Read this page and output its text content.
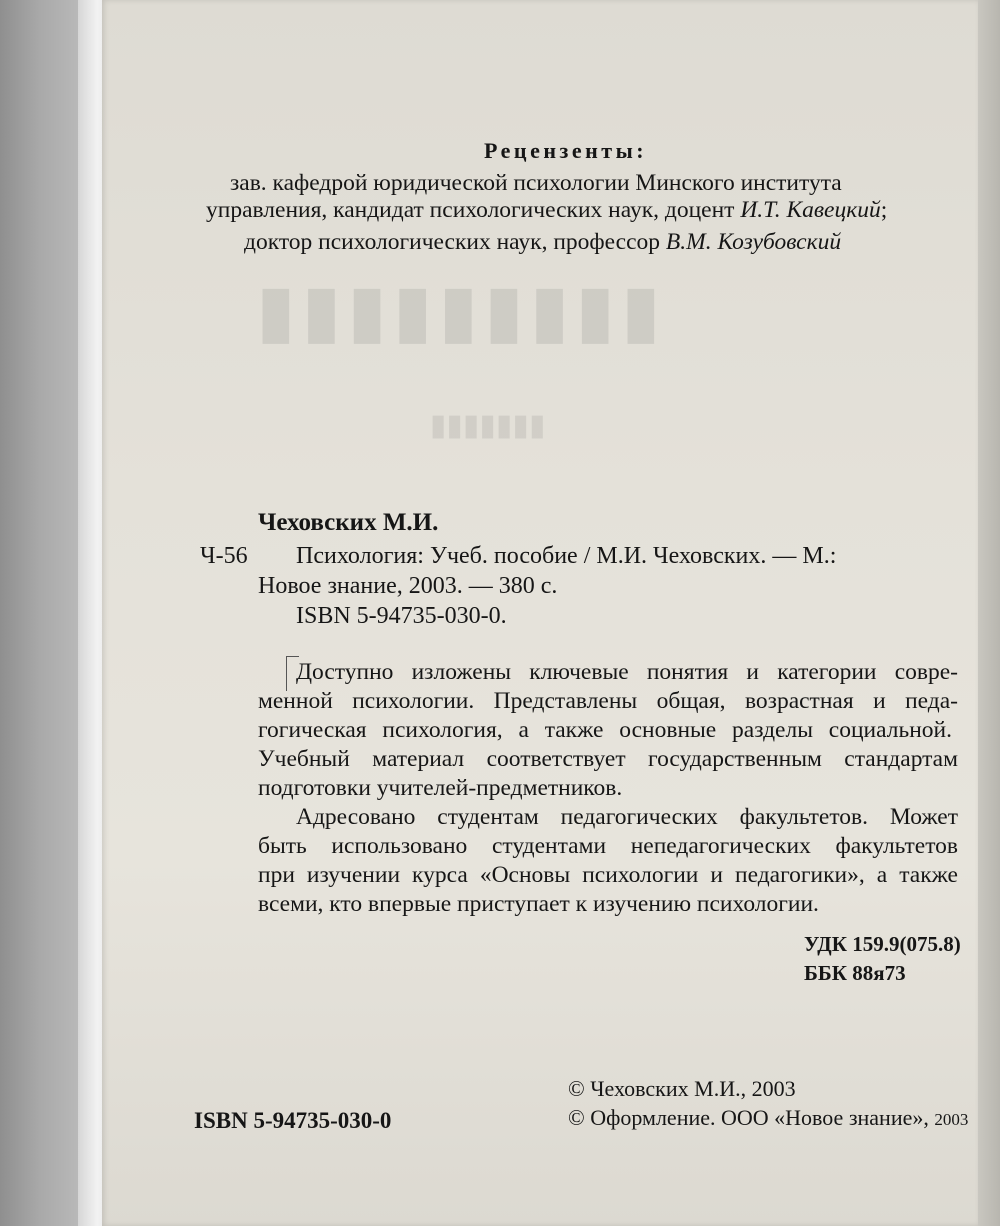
▮▮▮▮▮▮▮▮▮
▮▮▮▮▮▮▮
Рецензенты:
зав. кафедрой юридической психологии Минского института
управления, кандидат психологических наук, доцент И.Т. Кавецкий;
доктор психологических наук, профессор В.М. Козубовский
Чеховских М.И.
Ч-56 Психология: Учеб. пособие / М.И. Чеховских. — М.:
Новое знание, 2003. — 380 с.
ISBN 5-94735-030-0.
Доступно изложены ключевые понятия и категории совре-
менной психологии. Представлены общая, возрастная и педа-
гогическая психология, а также основные разделы социальной.
Учебный материал соответствует государственным стандартам
подготовки учителей-предметников.
Адресовано студентам педагогических факультетов. Может
быть использовано студентами непедагогических факультетов
при изучении курса «Основы психологии и педагогики», а также
всеми, кто впервые приступает к изучению психологии.
УДК 159.9(075.8)
ББК 88я73
ISBN 5-94735-030-0
© Чеховских М.И., 2003
© Оформление. ООО «Новое знание», 2003
